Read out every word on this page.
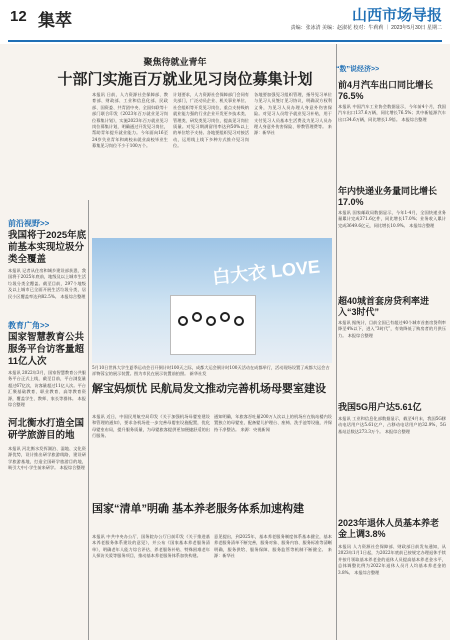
12 集萃	山西市场导报
责编：张冰清 美编：赵淑花 校对：牛莉莉 ｜ 2023年5月30日 星期二
聚焦待就业青年
十部门实施百万就业见习岗位募集计划
本报讯 日前，人力资源社会保障部、教育部、财政部、工业和信息化部、民政部、国资委、共青团中央、全国妇联等十部门联合印发《2023年百万就业见习岗位募集计划》，实施2023年百万就业见习岗位募集计划，明确通过开发见习岗位，帮助青年提升就业能力。今年面向16至24岁失业青年和离校未就业高校毕业生募集见习岗位不少于100万个。
计划要求，人力资源社会保障部门会同有关部门，广泛动员企业、机关事业单位、社会组织等开发见习岗位，重点支持吸纳就业能力强的行业企业开发更多技术类、管理类、研发类见习岗位，提高见习岗位质量。对见习期满留用率达到50%以上的单位给予支持。各地要组织见习对接活动，运用线上线下多种方式推介见习岗位。
各地要加强见习组织管理，指导见习单位与见习人员签订见习协议，明确双方权利义务，为见习人员办理人身意外伤害保险。对见习人员给予就业见习补贴，用于支付见习人员基本生活费及为见习人员办理人身意外伤害保险、带教管理费等。 来源：新华社
白大衣 LOVE
5月10日世界大学生夏季运动会召开倒计时100天之际，成都大运会倒计时100天活动在成都举行，活动现场设置了成都大运会吉祥物蓉宝的展示装置。图为市民在展示装置前拍照。 新华社发
前沿视野>>
我国将于2025年底前基本实现垃圾分类全覆盖
本报讯 记者从住房和城乡建设部获悉，我国将于2025年底前，地级及以上城市生活垃圾分类全覆盖。截至目前，297个地级及以上城市已全面开展生活垃圾分类，居民小区覆盖率达到82.5%。 本报综合整理
教育广角>>
国家智慧教育公共服务平台访客量超11亿人次
本报讯 2022年3月，国家智慧教育公共服务平台正式上线，截至目前，平台浏览量超过67亿次，访客量超过11亿人次。平台汇聚基础教育、职业教育、高等教育资源，覆盖学生、教师、家长等群体。 本报综合整理
河北衡水打造全国研学旅游目的地
本报讯 河北衡水发挥湖泊、湿地、文化资源优势，设计推出研学旅游线路，建设研学旅游基地，打造全国研学旅游目的地，吸引大中小学生前来研学。 本报综合整理
解宝妈烦忧 民航局发文推动完善机场母婴室建设
本报讯 近日，中国民用航空局印发《关于加强机场母婴室建设和管理的通知》，要求各机场进一步完善母婴室设施配置，优化母婴室布局，提升服务质量，为母婴旅客提供更加便捷舒适的出行服务。
通知明确，年旅客吞吐量200万人次以上的机场应在航站楼内设置独立的母婴室，配备婴儿护理台、座椅、洗手池等设施，并保持干净整洁。 来源：央视新闻
国家“清单”明确 基本养老服务体系加速构建
本报讯 中共中央办公厅、国务院办公厅日前印发《关于推进基本养老服务体系建设的意见》，并公布《国家基本养老服务清单》，明确老年人能力综合评估、养老服务补贴、特殊困难老年人探访关爱等服务项目，推动基本养老服务体系加快构建。
意见提出，到2025年，基本养老服务制度体系基本健全，基本养老服务清单不断完善，服务对象、服务内容、服务标准等清晰明确，服务供给、服务保障、服务监管等机制不断健全。 来源：新华社
“数”说经济>>
前4月汽车出口同比增长76.5%
本报讯 中国汽车工业协会数据显示，今年前4个月，我国汽车出口137.6万辆，同比增长76.5%；其中新能源汽车出口34.6万辆，同比增长1.9倍。 本报综合整理
年内快递业务量同比增长17.0%
本报讯 国家邮政局数据显示，今年1-4月，全国快递业务量累计完成371.6亿件，同比增长17.0%；业务收入累计完成3649.6亿元，同比增长10.9%。 本报综合整理
超40城首套房贷利率进入“3时代”
本报讯 据统计，目前全国已有超过40个城市首套房贷利率降至4%以下，进入“3时代”，有效降低了购房者的月供压力。 本报综合整理
我国5G用户达5.61亿
本报讯 工业和信息化部数据显示，截至4月末，我国5G移动电话用户达5.61亿户，占移动电话用户的32.9%，5G基站总数达273.3万个。 本报综合整理
2023年退休人员基本养老金上调3.8%
本报讯 人力资源社会保障部、财政部日前发布通知，从2023年1月1日起，为2022年底前已按规定办理退休手续并按月领取基本养老金的退休人员提高基本养老金水平，总体调整比例为2022年退休人员月人均基本养老金的3.8%。 本报综合整理
